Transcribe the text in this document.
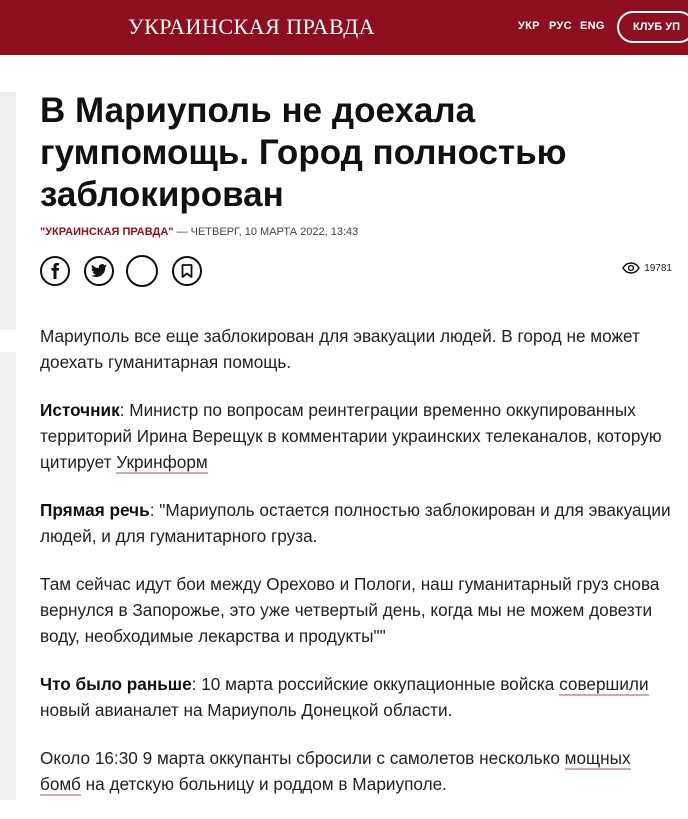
УКРАИНСКАЯ ПРАВДА	УКР РУС ENG	КЛУБ УП
В Мариуполь не доехала гумпомощь. Город полностью заблокирован
"УКРАИНСКАЯ ПРАВДА" — ЧЕТВЕРГ, 10 МАРТА 2022, 13:43
19781

Мариуполь все еще заблокирован для эвакуации людей. В город не может доехать гуманитарная помощь.

Источник: Министр по вопросам реинтеграции временно оккупированных территорий Ирина Верещук в комментарии украинских телеканалов, которую цитирует Укринформ

Прямая речь: "Мариуполь остается полностью заблокирован и для эвакуации людей, и для гуманитарного груза.

Там сейчас идут бои между Орехово и Пологи, наш гуманитарный груз снова вернулся в Запорожье, это уже четвертый день, когда мы не можем довезти воду, необходимые лекарства и продукты""

Что было раньше: 10 марта российские оккупационные войска совершили новый авианалет на Мариуполь Донецкой области.

Около 16:30 9 марта оккупанты сбросили с самолетов несколько мощных бомб на детскую больницу и роддом в Мариуполе.
